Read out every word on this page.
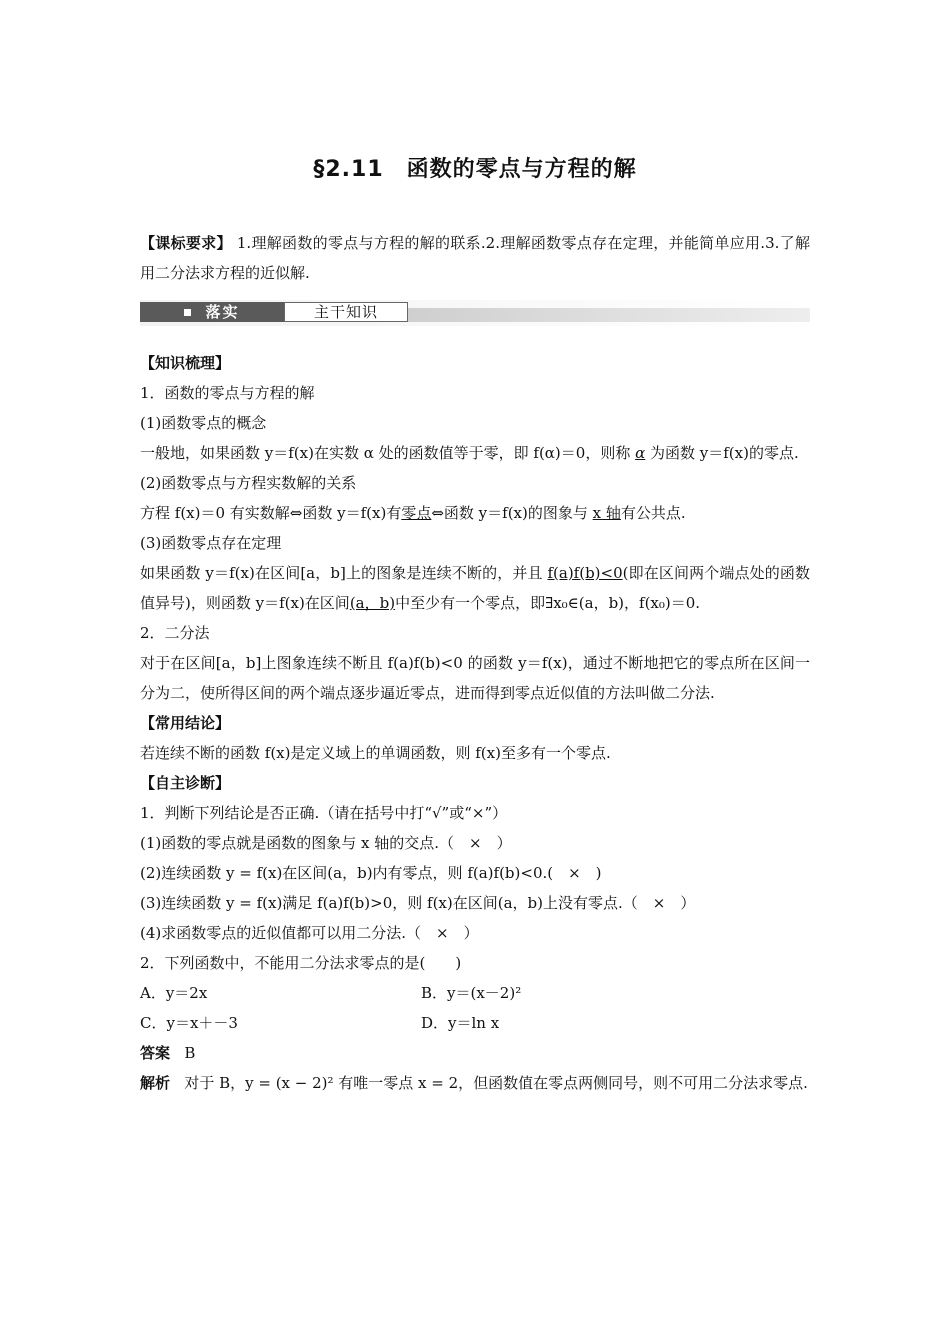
§2.11　函数的零点与方程的解

【课标要求】 1.理解函数的零点与方程的解的联系.2.理解函数零点存在定理，并能简单应用.3.了解用二分法求方程的近似解.

落实	主干知识

【知识梳理】

1．函数的零点与方程的解

(1)函数零点的概念

一般地，如果函数 y＝f(x)在实数 α 处的函数值等于零，即 f(α)＝0，则称 α 为函数 y＝f(x)的零点.

(2)函数零点与方程实数解的关系

方程 f(x)＝0 有实数解⇔函数 y＝f(x)有零点⇔函数 y＝f(x)的图象与 x 轴有公共点.

(3)函数零点存在定理

如果函数 y＝f(x)在区间[a，b]上的图象是连续不断的，并且 f(a)f(b)<0(即在区间两个端点处的函数值异号)，则函数 y＝f(x)在区间(a，b)中至少有一个零点，即∃x₀∈(a，b)，f(x₀)＝0.

2．二分法

对于在区间[a，b]上图象连续不断且 f(a)f(b)<0 的函数 y＝f(x)，通过不断地把它的零点所在区间一分为二，使所得区间的两个端点逐步逼近零点，进而得到零点近似值的方法叫做二分法.

【常用结论】

若连续不断的函数 f(x)是定义域上的单调函数，则 f(x)至多有一个零点.

【自主诊断】

1．判断下列结论是否正确.（请在括号中打“√”或“×”）

(1)函数的零点就是函数的图象与 x 轴的交点.（　×　）

(2)连续函数 y = f(x)在区间(a，b)内有零点，则 f(a)f(b)<0.(　×　)

(3)连续函数 y = f(x)满足 f(a)f(b)>0，则 f(x)在区间(a，b)上没有零点.（　×　）

(4)求函数零点的近似值都可以用二分法.（　×　）

2．下列函数中，不能用二分法求零点的是(　　)

A．y＝2x	B．y＝(x－2)²
C．y＝x＋－3	D．y＝ln x

答案 B

解析 对于 B，y = (x − 2)² 有唯一零点 x = 2，但函数值在零点两侧同号，则不可用二分法求零点.
